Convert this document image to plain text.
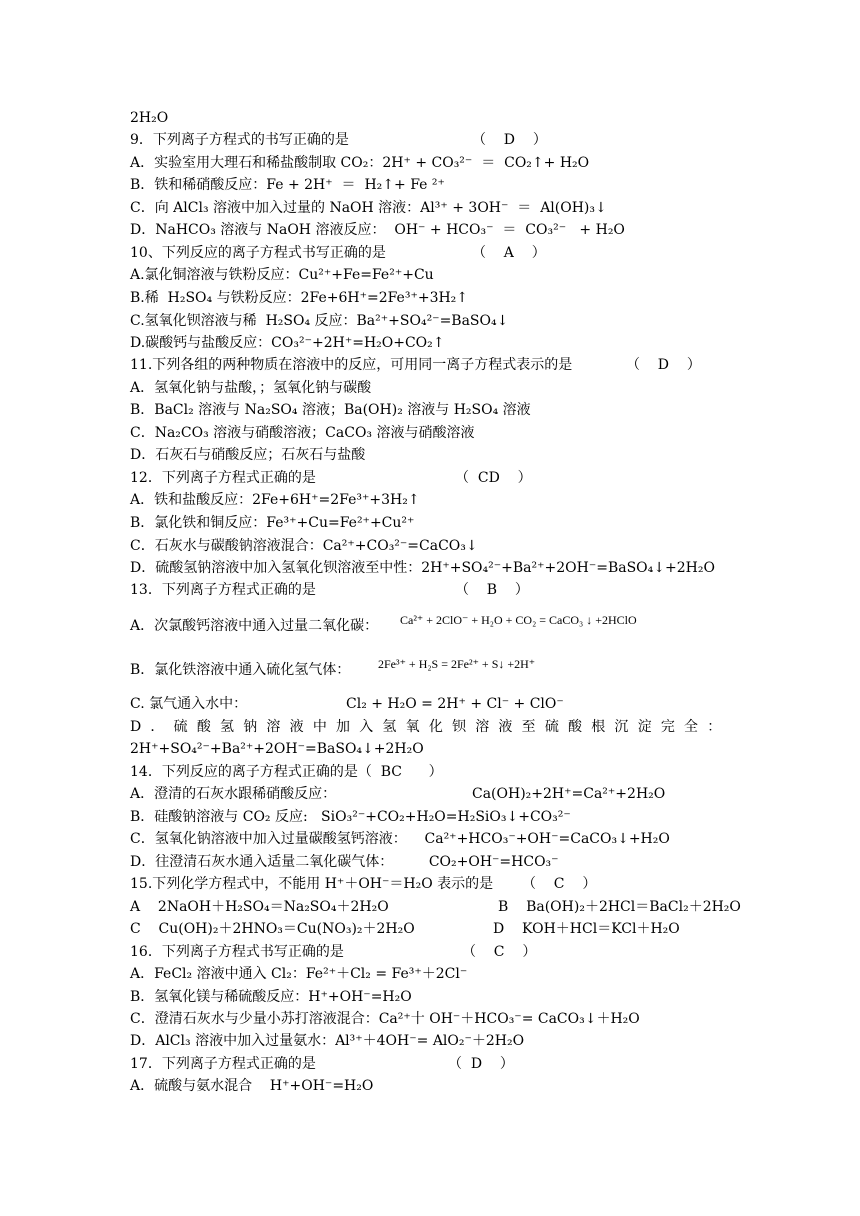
2H₂O
9．下列离子方程式的书写正确的是	（    D    ）
A．实验室用大理石和稀盐酸制取 CO₂：2H⁺ + CO₃²⁻  ＝  CO₂↑+ H₂O
B．铁和稀硝酸反应：Fe + 2H⁺  ＝  H₂↑+ Fe ²⁺
C．向 AlCl₃ 溶液中加入过量的 NaOH 溶液：Al³⁺ + 3OH⁻  ＝  Al(OH)₃↓
D．NaHCO₃ 溶液与 NaOH 溶液反应：  OH⁻ + HCO₃⁻  ＝  CO₃²⁻   + H₂O
10、下列反应的离子方程式书写正确的是	（    A    ）
A.氯化铜溶液与铁粉反应：Cu²⁺+Fe=Fe²⁺+Cu
B.稀  H₂SO₄ 与铁粉反应：2Fe+6H⁺=2Fe³⁺+3H₂↑
C.氢氧化钡溶液与稀  H₂SO₄ 反应：Ba²⁺+SO₄²⁻=BaSO₄↓
D.碳酸钙与盐酸反应：CO₃²⁻+2H⁺=H₂O+CO₂↑
11.下列各组的两种物质在溶液中的反应，可用同一离子方程式表示的是	（    D    ）
A．氢氧化钠与盐酸，；氢氧化钠与碳酸
B．BaCl₂ 溶液与 Na₂SO₄ 溶液；Ba(OH)₂ 溶液与 H₂SO₄ 溶液
C．Na₂CO₃ 溶液与硝酸溶液；CaCO₃ 溶液与硝酸溶液
D．石灰石与硝酸反应；石灰石与盐酸
12．下列离子方程式正确的是	（  CD    ）
A．铁和盐酸反应：2Fe+6H⁺=2Fe³⁺+3H₂↑
B．氯化铁和铜反应：Fe³⁺+Cu=Fe²⁺+Cu²⁺
C．石灰水与碳酸钠溶液混合：Ca²⁺+CO₃²⁻=CaCO₃↓
D．硫酸氢钠溶液中加入氢氧化钡溶液至中性：2H⁺+SO₄²⁻+Ba²⁺+2OH⁻=BaSO₄↓+2H₂O
13．下列离子方程式正确的是	（    B    ）
A．次氯酸钙溶液中通入过量二氧化碳： Ca²⁺ + 2ClO⁻ + H₂O + CO₂ = CaCO₃ ↓ +2HClO
B．氯化铁溶液中通入硫化氢气体： 2Fe³⁺ + H₂S = 2Fe²⁺ + S↓ +2H⁺
C. 氯气通入水中：	Cl₂ + H₂O = 2H⁺ + Cl⁻ + ClO⁻
D．硫酸氢钠溶液中加入氢氧化钡溶液至硫酸根沉淀完全：
2H⁺+SO₄²⁻+Ba²⁺+2OH⁻=BaSO₄↓+2H₂O
14．下列反应的离子方程式正确的是（  BC      ）
A．澄清的石灰水跟稀硝酸反应：	Ca(OH)₂+2H⁺=Ca²⁺+2H₂O
B．硅酸钠溶液与 CO₂ 反应:   SiO₃²⁻+CO₂+H₂O=H₂SiO₃↓+CO₃²⁻
C．氢氧化钠溶液中加入过量碳酸氢钙溶液：    Ca²⁺+HCO₃⁻+OH⁻=CaCO₃↓+H₂O
D．往澄清石灰水通入适量二氧化碳气体：        CO₂+OH⁻=HCO₃⁻
15.下列化学方程式中，不能用 H⁺＋OH⁻＝H₂O 表示的是 （    C    ）
A    2NaOH＋H₂SO₄＝Na₂SO₄＋2H₂O	B    Ba(OH)₂＋2HCl＝BaCl₂＋2H₂O
C    Cu(OH)₂＋2HNO₃＝Cu(NO₃)₂＋2H₂O	D    KOH＋HCl＝KCl＋H₂O
16．下列离子方程式书写正确的是	（    C    ）
A．FeCl₂ 溶液中通入 Cl₂：Fe²⁺＋Cl₂ = Fe³⁺＋2Cl⁻
B．氢氧化镁与稀硫酸反应：H⁺+OH⁻=H₂O
C．澄清石灰水与少量小苏打溶液混合：Ca²⁺十 OH⁻＋HCO₃⁻= CaCO₃↓＋H₂O
D．AlCl₃ 溶液中加入过量氨水：Al³⁺＋4OH⁻= AlO₂⁻＋2H₂O
17．下列离子方程式正确的是	（  D    ）
A．硫酸与氨水混合    H⁺+OH⁻=H₂O
